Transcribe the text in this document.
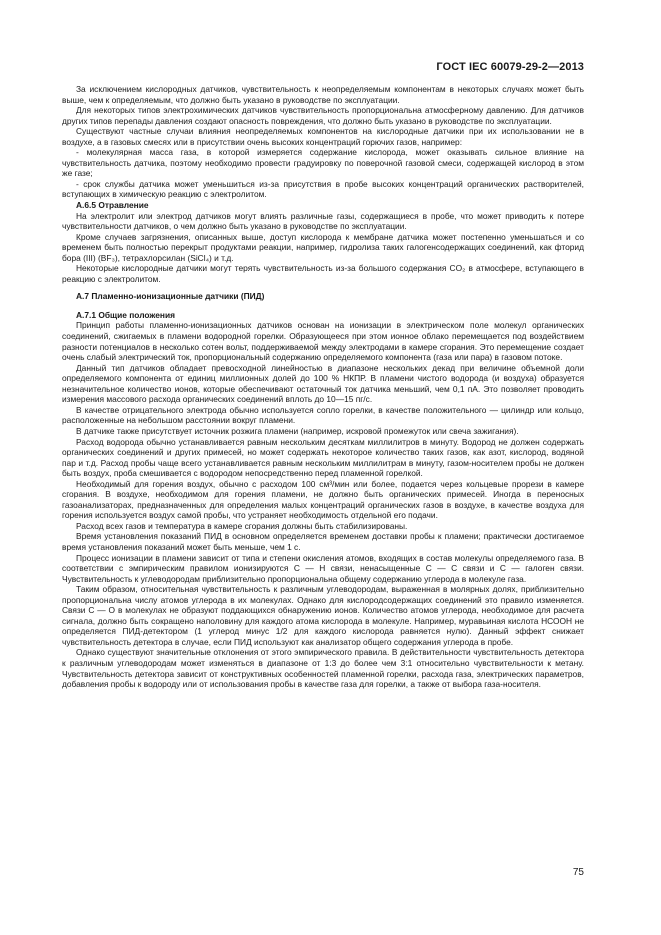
ГОСТ IEC 60079-29-2—2013

За исключением кислородных датчиков, чувствительность к неопределяемым компонентам в некоторых случаях может быть выше, чем к определяемым, что должно быть указано в руководстве по эксплуатации.

Для некоторых типов электрохимических датчиков чувствительность пропорциональна атмосферному давлению. Для датчиков других типов перепады давления создают опасность повреждения, что должно быть указано в руководстве по эксплуатации.

Существуют частные случаи влияния неопределяемых компонентов на кислородные датчики при их использовании не в воздухе, а в газовых смесях или в присутствии очень высоких концентраций горючих газов, например:

- молекулярная масса газа, в которой измеряется содержание кислорода, может оказывать сильное влияние на чувствительность датчика, поэтому необходимо провести градуировку по поверочной газовой смеси, содержащей кислород в этом же газе;

- срок службы датчика может уменьшиться из-за присутствия в пробе высоких концентраций органических растворителей, вступающих в химическую реакцию с электролитом.

А.6.5 Отравление

На электролит или электрод датчиков могут влиять различные газы, содержащиеся в пробе, что может приводить к потере чувствительности датчиков, о чем должно быть указано в руководстве по эксплуатации.

Кроме случаев загрязнения, описанных выше, доступ кислорода к мембране датчика может постепенно уменьшаться и со временем быть полностью перекрыт продуктами реакции, например, гидролиза таких галогенсодержащих соединений, как фторид бора (III) (BF₃), тетрахлорсилан (SiCl₄) и т.д.

Некоторые кислородные датчики могут терять чувствительность из-за большого содержания CO₂ в атмосфере, вступающего в реакцию с электролитом.

А.7 Пламенно-ионизационные датчики (ПИД)
А.7.1 Общие положения

Принцип работы пламенно-ионизационных датчиков основан на ионизации в электрическом поле молекул органических соединений, сжигаемых в пламени водородной горелки. Образующееся при этом ионное облако перемещается под воздействием разности потенциалов в несколько сотен вольт, поддерживаемой между электродами в камере сгорания. Это перемещение создает очень слабый электрический ток, пропорциональный содержанию определяемого компонента (газа или пара) в газовом потоке.

Данный тип датчиков обладает превосходной линейностью в диапазоне нескольких декад при величине объемной доли определяемого компонента от единиц миллионных долей до 100 % НКПР. В пламени чистого водорода (и воздуха) образуется незначительное количество ионов, которые обеспечивают остаточный ток датчика меньший, чем 0,1 пА. Это позволяет проводить измерения массового расхода органических соединений вплоть до 10—15 пг/с.

В качестве отрицательного электрода обычно используется сопло горелки, в качестве положительного — цилиндр или кольцо, расположенные на небольшом расстоянии вокруг пламени.

В датчике также присутствует источник розжига пламени (например, искровой промежуток или свеча зажигания).

Расход водорода обычно устанавливается равным нескольким десяткам миллилитров в минуту. Водород не должен содержать органических соединений и других примесей, но может содержать некоторое количество таких газов, как азот, кислород, водяной пар и т.д. Расход пробы чаще всего устанавливается равным нескольким миллилитрам в минуту, газом-носителем пробы не должен быть воздух, проба смешивается с водородом непосредственно перед пламенной горелкой.

Необходимый для горения воздух, обычно с расходом 100 см³/мин или более, подается через кольцевые прорези в камере сгорания. В воздухе, необходимом для горения пламени, не должно быть органических примесей. Иногда в переносных газоанализаторах, предназначенных для определения малых концентраций органических газов в воздухе, в качестве воздуха для горения используется воздух самой пробы, что устраняет необходимость отдельной его подачи.

Расход всех газов и температура в камере сгорания должны быть стабилизированы.

Время установления показаний ПИД в основном определяется временем доставки пробы к пламени; практически достигаемое время установления показаний может быть меньше, чем 1 с.

Процесс ионизации в пламени зависит от типа и степени окисления атомов, входящих в состав молекулы определяемого газа. В соответствии с эмпирическим правилом ионизируются С — Н связи, ненасыщенные С — С связи и С — галоген связи. Чувствительность к углеводородам приблизительно пропорциональна общему содержанию углерода в молекуле газа.

Таким образом, относительная чувствительность к различным углеводородам, выраженная в молярных долях, приблизительно пропорциональна числу атомов углерода в их молекулах. Однако для кислородсодержащих соединений это правило изменяется. Связи С — О в молекулах не образуют поддающихся обнаружению ионов. Количество атомов углерода, необходимое для расчета сигнала, должно быть сокращено наполовину для каждого атома кислорода в молекуле. Например, муравьиная кислота НСООН не определяется ПИД-детектором (1 углерод минус 1/2 для каждого кислорода равняется нулю). Данный эффект снижает чувствительность детектора в случае, если ПИД используют как анализатор общего содержания углерода в пробе.

Однако существуют значительные отклонения от этого эмпирического правила. В действительности чувствительность детектора к различным углеводородам может изменяться в диапазоне от 1:3 до более чем 3:1 относительно чувствительности к метану. Чувствительность детектора зависит от конструктивных особенностей пламенной горелки, расхода газа, электрических параметров, добавления пробы к водороду или от использования пробы в качестве газа для горелки, а также от выбора газа-носителя.

75
